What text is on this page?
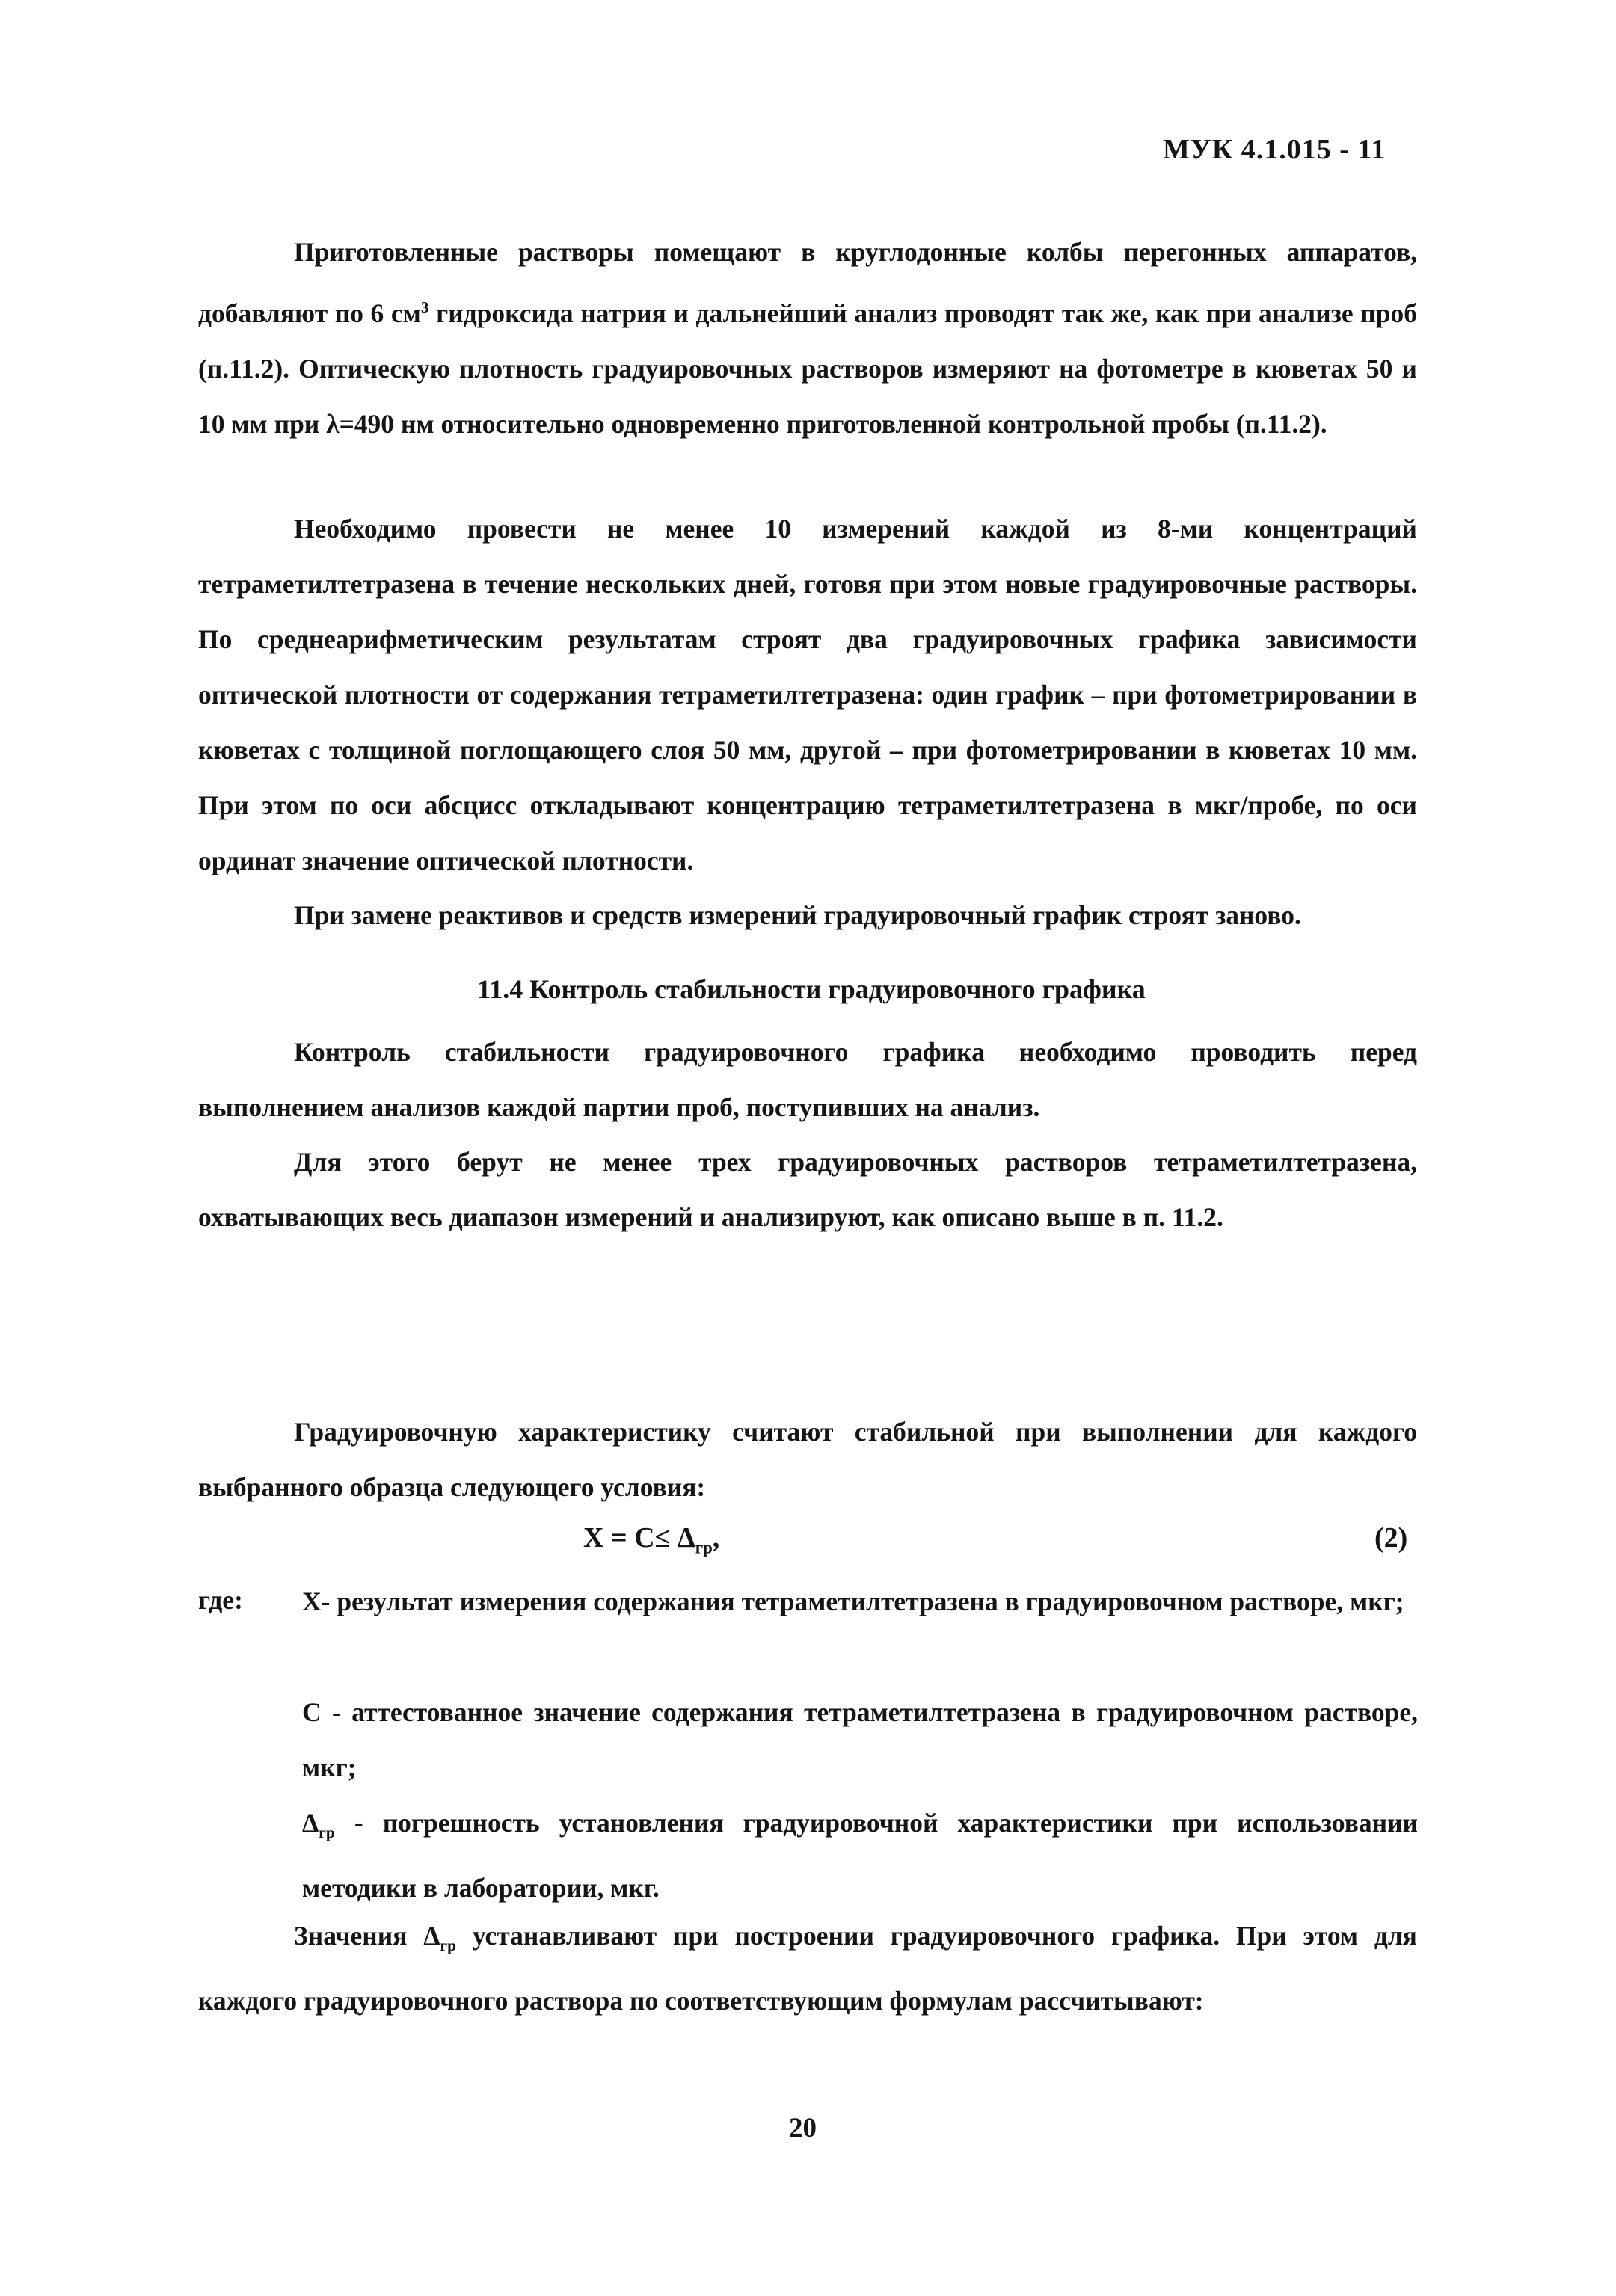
МУК 4.1.015 - 11
Приготовленные растворы помещают в круглодонные колбы перегонных аппаратов, добавляют по 6 $см^3$ гидроксида натрия и дальнейший анализ проводят так же, как при анализе проб (п.11.2). Оптическую плотность градуировочных растворов измеряют на фотометре в кюветах 50 и 10 мм при λ=490 нм относительно одновременно приготовленной контрольной пробы (п.11.2).
Необходимо провести не менее 10 измерений каждой из 8-ми концентраций тетраметилтетразена в течение нескольких дней, готовя при этом новые градуировочные растворы. По среднеарифметическим результатам строят два градуировочных графика зависимости оптической плотности от содержания тетраметилтетразена: один график – при фотометрировании в кюветах с толщиной поглощающего слоя 50 мм, другой – при фотометрировании в кюветах 10 мм. При этом по оси абсцисс откладывают концентрацию тетраметилтетразена в мкг/пробе, по оси ординат значение оптической плотности.
При замене реактивов и средств измерений градуировочный график строят заново.
11.4 Контроль стабильности градуировочного графика
Контроль стабильности градуировочного графика необходимо проводить перед выполнением анализов каждой партии проб, поступивших на анализ.
Для этого берут не менее трех градуировочных растворов тетраметилтетразена, охватывающих весь диапазон измерений и анализируют, как описано выше в п. 11.2.
Градуировочную характеристику считают стабильной при выполнении для каждого выбранного образца следующего условия:
$X = C\le \Delta_{гр}$,	(2)
где: X- результат измерения содержания тетраметилтетразена в градуировочном растворе, мкг;
C - аттестованное значение содержания тетраметилтетразена в градуировочном растворе, мкг;
$\Delta_{гр}$ - погрешность установления градуировочной характеристики при использовании методики в лаборатории, мкг.
Значения $\Delta_{гр}$ устанавливают при построении градуировочного графика. При этом для каждого градуировочного раствора по соответствующим формулам рассчитывают:
20
